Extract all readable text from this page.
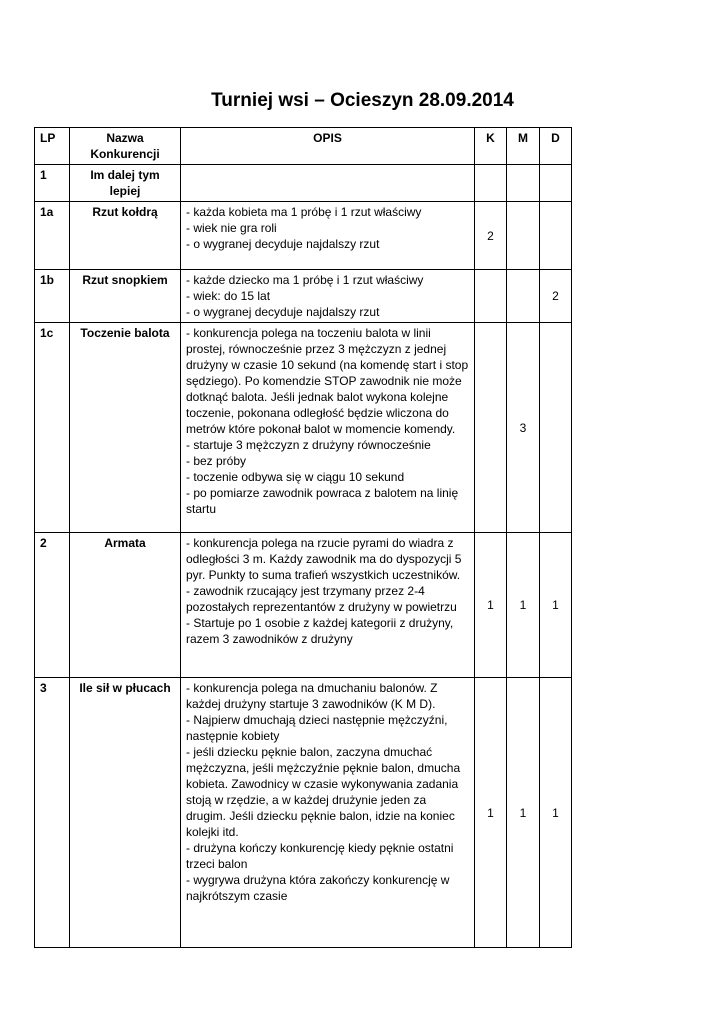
Turniej wsi – Ocieszyn 28.09.2014
LP	Nazwa Konkurencji	OPIS	K	M	D
1	Im dalej tym lepiej				
1a	Rzut kołdrą	- każda kobieta ma 1 próbę i 1 rzut właściwy
- wiek nie gra roli
- o wygranej decyduje najdalszy rzut	2		
1b	Rzut snopkiem	- każde dziecko ma 1 próbę i 1 rzut właściwy
- wiek: do 15 lat
- o wygranej decyduje najdalszy rzut			2
1c	Toczenie balota	- konkurencja polega na toczeniu balota w linii prostej, równocześnie przez 3 mężczyzn z jednej drużyny w czasie 10 sekund (na komendę start i stop sędziego). Po komendzie STOP zawodnik nie może dotknąć balota. Jeśli jednak balot wykona kolejne toczenie, pokonana odległość będzie wliczona do metrów które pokonał balot w momencie komendy.
- startuje 3 mężczyzn z drużyny równocześnie
- bez próby
- toczenie odbywa się w ciągu 10 sekund
- po pomiarze zawodnik powraca z balotem na linię startu		3	
2	Armata	- konkurencja polega na rzucie pyrami do wiadra z odległości 3 m. Każdy zawodnik ma do dyspozycji 5 pyr. Punkty to suma trafień wszystkich uczestników.
- zawodnik rzucający jest trzymany przez 2-4 pozostałych reprezentantów z drużyny w powietrzu
- Startuje po 1 osobie z każdej kategorii z drużyny, razem 3 zawodników z drużyny	1	1	1
3	Ile sił w płucach	- konkurencja polega na dmuchaniu balonów. Z każdej drużyny startuje 3 zawodników (K M D).
- Najpierw dmuchają dzieci następnie mężczyźni, następnie kobiety
- jeśli dziecku pęknie balon, zaczyna dmuchać mężczyzna, jeśli mężczyźnie pęknie balon, dmucha kobieta. Zawodnicy w czasie wykonywania zadania stoją w rzędzie, a w każdej drużynie jeden za drugim. Jeśli dziecku pęknie balon, idzie na koniec kolejki itd.
- drużyna kończy konkurencję kiedy pęknie ostatni trzeci balon
- wygrywa drużyna która zakończy konkurencję w najkrótszym czasie	1	1	1
